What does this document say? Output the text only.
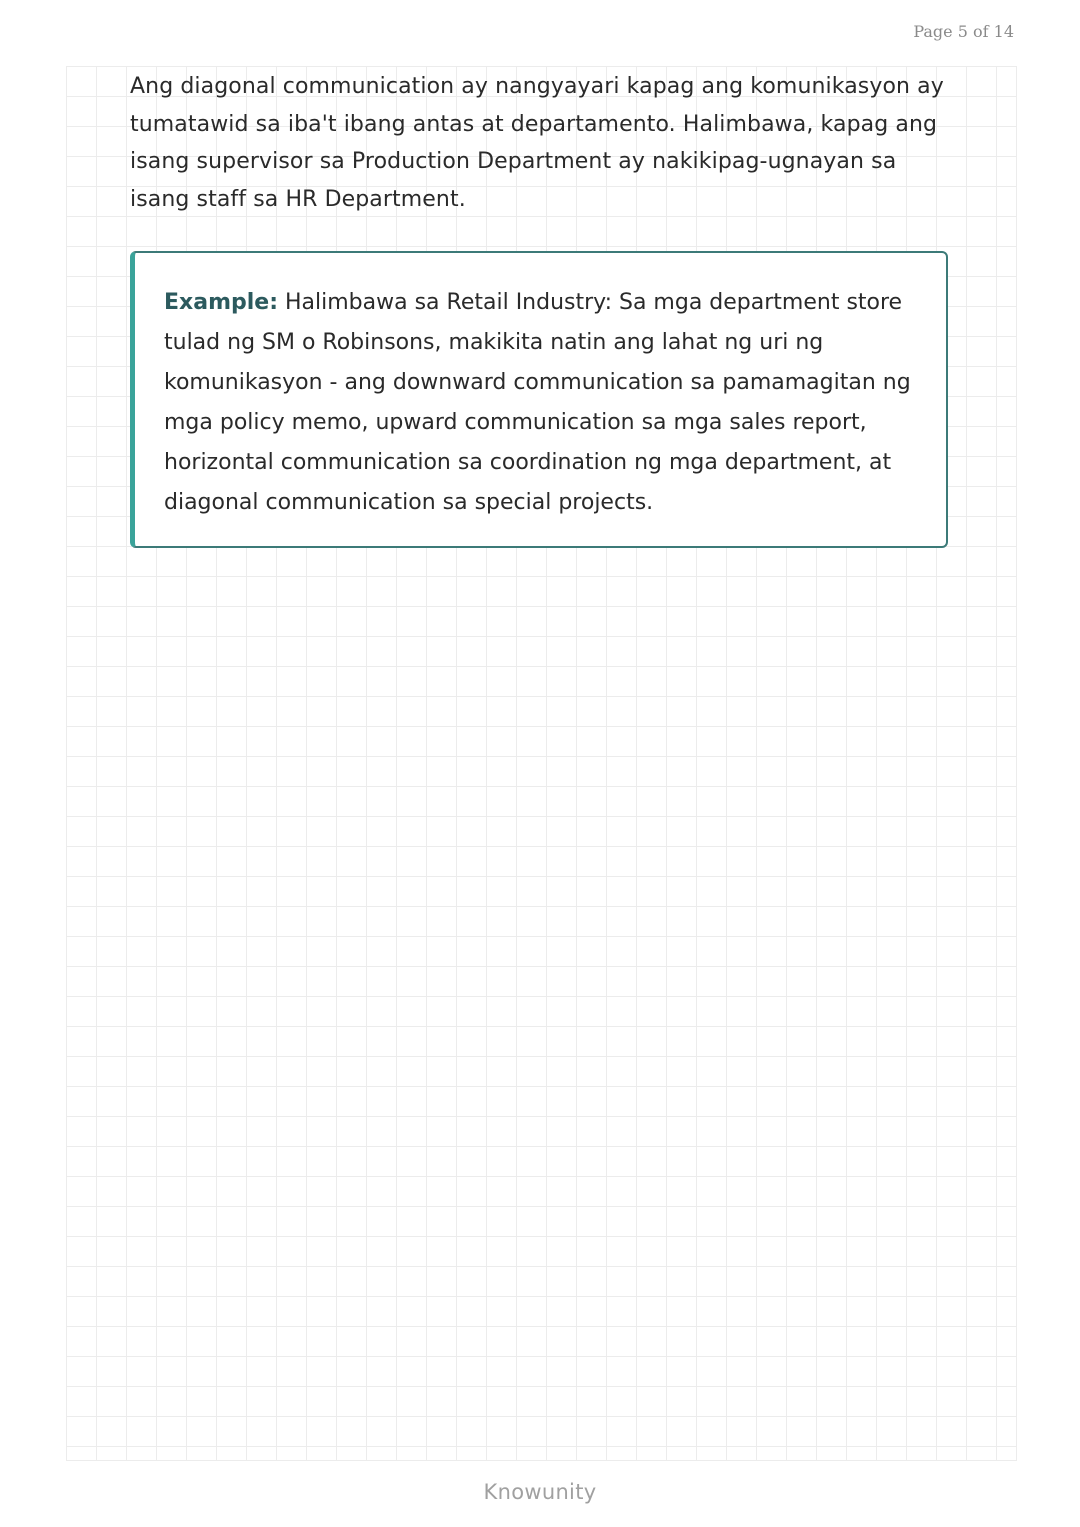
Page 5 of 14

Ang diagonal communication ay nangyayari kapag ang komunikasyon ay tumatawid sa iba't ibang antas at departamento. Halimbawa, kapag ang isang supervisor sa Production Department ay nakikipag-ugnayan sa isang staff sa HR Department.

Example: Halimbawa sa Retail Industry: Sa mga department store tulad ng SM o Robinsons, makikita natin ang lahat ng uri ng komunikasyon - ang downward communication sa pamamagitan ng mga policy memo, upward communication sa mga sales report, horizontal communication sa coordination ng mga department, at diagonal communication sa special projects.

Knowunity
